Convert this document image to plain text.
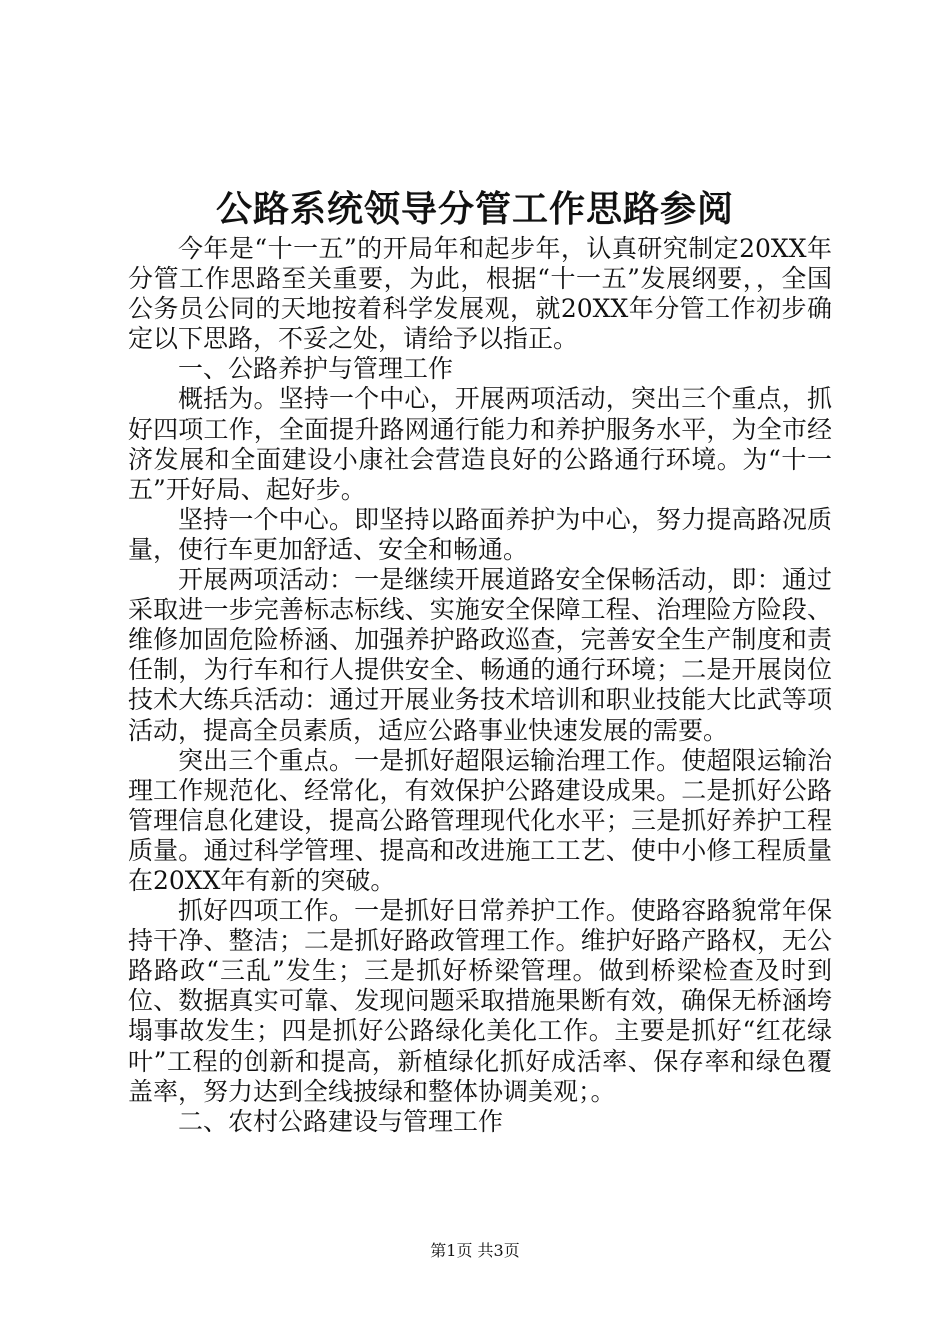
公路系统领导分管工作思路参阅

今年是“十一五”的开局年和起步年，认真研究制定20XX年分管工作思路至关重要，为此，根据“十一五”发展纲要，，全国公务员公同的天地按着科学发展观，就20XX年分管工作初步确定以下思路，不妥之处，请给予以指正。

一、公路养护与管理工作

概括为。坚持一个中心，开展两项活动，突出三个重点，抓好四项工作，全面提升路网通行能力和养护服务水平，为全市经济发展和全面建设小康社会营造良好的公路通行环境。为“十一五”开好局、起好步。

坚持一个中心。即坚持以路面养护为中心，努力提高路况质量，使行车更加舒适、安全和畅通。

开展两项活动：一是继续开展道路安全保畅活动，即：通过采取进一步完善标志标线、实施安全保障工程、治理险方险段、维修加固危险桥涵、加强养护路政巡查，完善安全生产制度和责任制，为行车和行人提供安全、畅通的通行环境；二是开展岗位技术大练兵活动：通过开展业务技术培训和职业技能大比武等项活动，提高全员素质，适应公路事业快速发展的需要。

突出三个重点。一是抓好超限运输治理工作。使超限运输治理工作规范化、经常化，有效保护公路建设成果。二是抓好公路管理信息化建设，提高公路管理现代化水平；三是抓好养护工程质量。通过科学管理、提高和改进施工工艺、使中小修工程质量在20XX年有新的突破。

抓好四项工作。一是抓好日常养护工作。使路容路貌常年保持干净、整洁；二是抓好路政管理工作。维护好路产路权，无公路路政“三乱”发生；三是抓好桥梁管理。做到桥梁检查及时到位、数据真实可靠、发现问题采取措施果断有效，确保无桥涵垮塌事故发生；四是抓好公路绿化美化工作。主要是抓好“红花绿叶”工程的创新和提高，新植绿化抓好成活率、保存率和绿色覆盖率，努力达到全线披绿和整体协调美观；。

二、农村公路建设与管理工作

第1页 共3页
